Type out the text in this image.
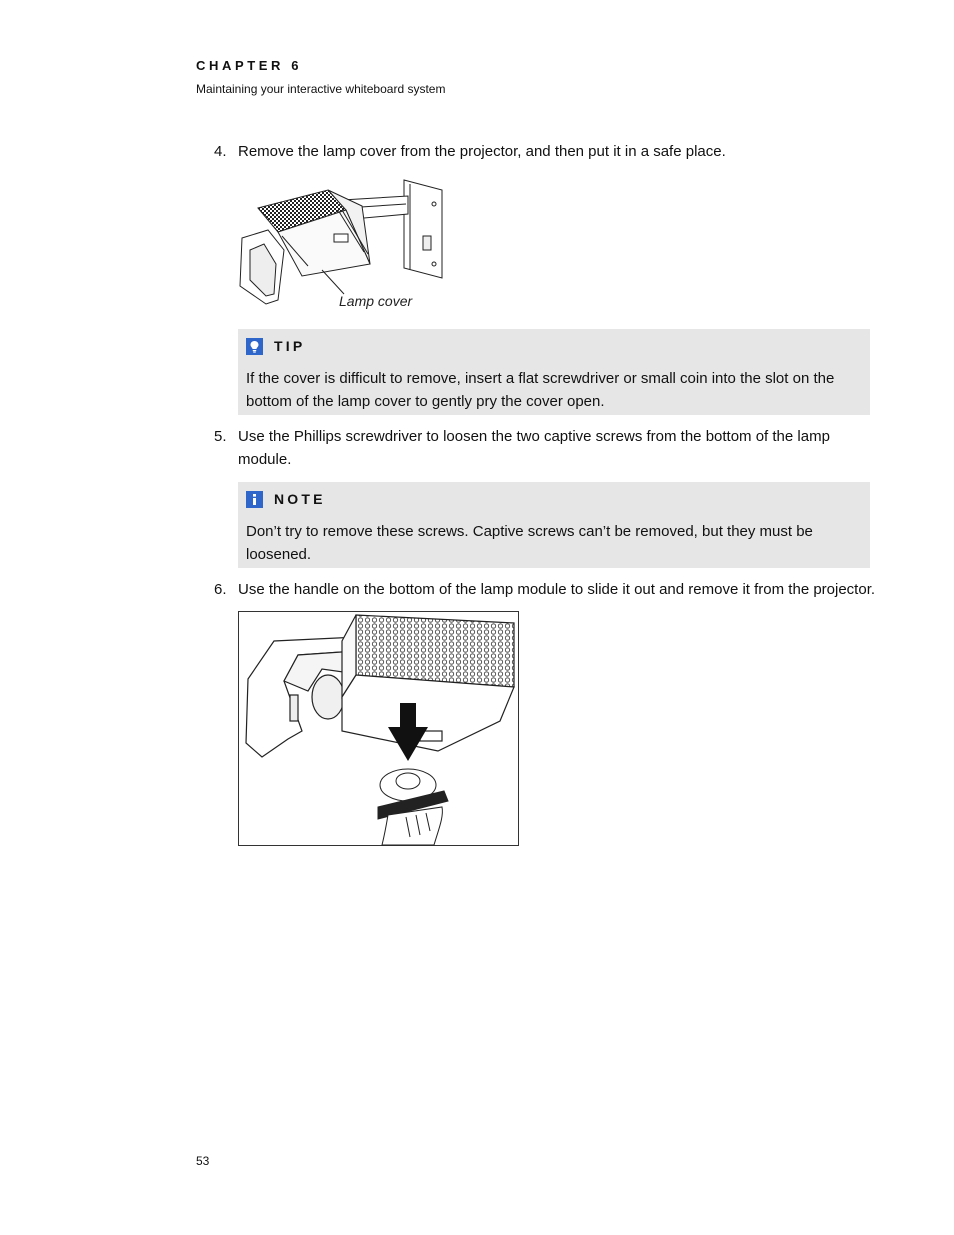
CHAPTER 6
Maintaining your interactive whiteboard system
4. Remove the lamp cover from the projector, and then put it in a safe place.
Lamp cover
TIP
If the cover is difficult to remove, insert a flat screwdriver or small coin into the slot on the bottom of the lamp cover to gently pry the cover open.
5. Use the Phillips screwdriver to loosen the two captive screws from the bottom of the lamp module.
NOTE
Don’t try to remove these screws. Captive screws can’t be removed, but they must be loosened.
6. Use the handle on the bottom of the lamp module to slide it out and remove it from the projector.
53
